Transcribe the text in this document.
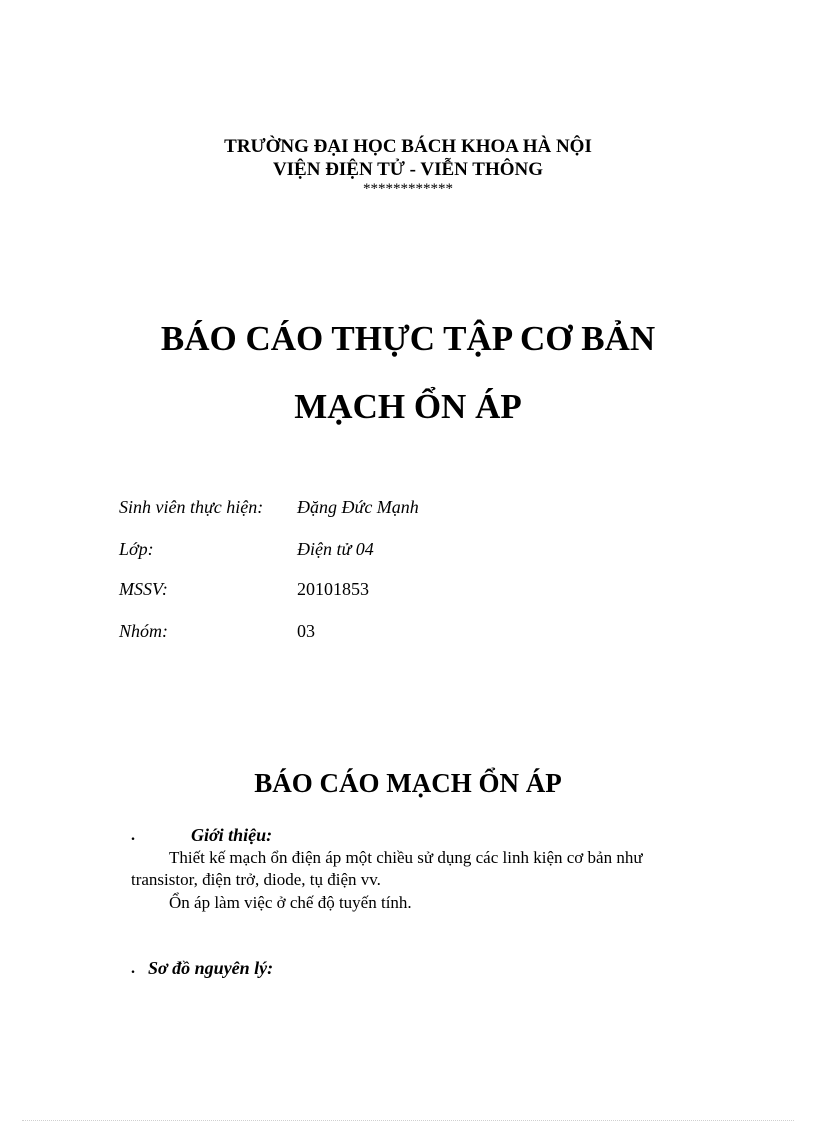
TRƯỜNG ĐẠI HỌC BÁCH KHOA HÀ NỘI
VIỆN ĐIỆN TỬ - VIỄN THÔNG
************
BÁO CÁO THỰC TẬP CƠ BẢN
MẠCH ỔN ÁP
Sinh viên thực hiện: Đặng Đức Mạnh
Lớp:	Điện tử 04
MSSV:	20101853
Nhóm:	03
BÁO CÁO MẠCH ỔN ÁP
.	Giới thiệu:
Thiết kế mạch ổn điện áp một chiều sử dụng các linh kiện cơ bản như
transistor, điện trở, diode, tụ điện vv.
Ổn áp làm việc ở chế độ tuyến tính.
. Sơ đồ nguyên lý:
